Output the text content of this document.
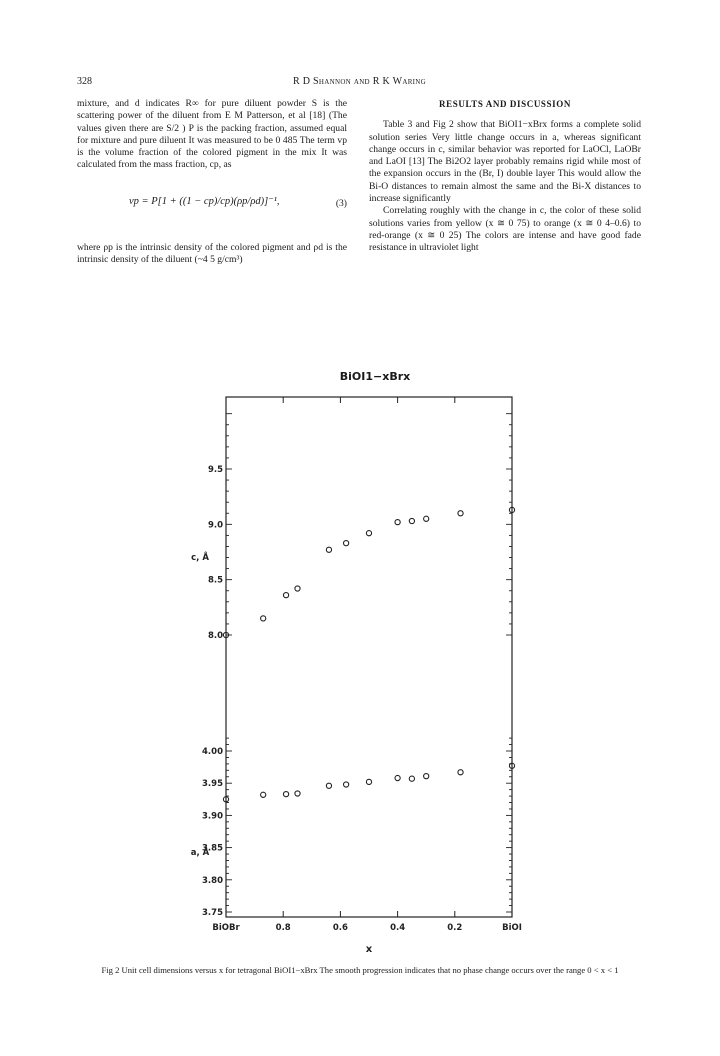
328	R D Shannon and R K Waring

mixture, and d indicates R∞ for pure diluent powder S is the scattering power of the diluent from E M Patterson, et al [18] (The values given there are S/2 ) P is the packing fraction, assumed equal for mixture and pure diluent It was measured to be 0 485 The term vp is the volume fraction of the colored pigment in the mix It was calculated from the mass fraction, cp, as

vp = P[1 + ((1 − cp)/cp)(ρp/ρd)]⁻¹,	(3)

where ρp is the intrinsic density of the colored pigment and ρd is the intrinsic density of the diluent (~4 5 g/cm³)

RESULTS AND DISCUSSION

Table 3 and Fig 2 show that BiOI1−xBrx forms a complete solid solution series Very little change occurs in a, whereas significant change occurs in c, similar behavior was reported for LaOCl, LaOBr and LaOI [13] The Bi2O2 layer probably remains rigid while most of the expansion occurs in the (Br, I) double layer This would allow the Bi-O distances to remain almost the same and the Bi-X distances to increase significantly

Correlating roughly with the change in c, the color of these solid solutions varies from yellow (x ≅ 0 75) to orange (x ≅ 0 4–0.6) to red-orange (x ≅ 0 25) The colors are intense and have good fade resistance in ultraviolet light

BiOI1−xBrx
BiOBr	0.8	0.6	0.4	0.2	BiOI
x
8.0
8.5
9.0
9.5
c, Å
3.75
3.80
3.85
3.90
3.95
4.00
a, Å
Fig 2 Unit cell dimensions versus x for tetragonal BiOI1−xBrx The smooth progression indicates that no phase change occurs over the range 0 < x < 1
